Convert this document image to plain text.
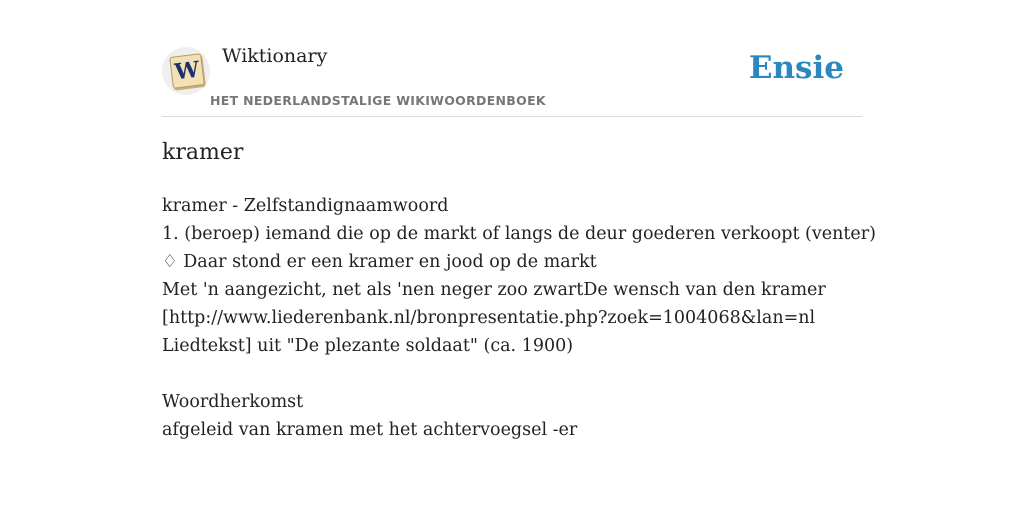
W
Wiktionary
HET NEDERLANDSTALIGE WIKIWOORDENBOEK
Ensie
kramer
kramer - Zelfstandignaamwoord
1. (beroep) iemand die op de markt of langs de deur goederen verkoopt (venter)
♢ Daar stond er een kramer en jood op de markt
Met 'n aangezicht, net als 'nen neger zoo zwartDe wensch van den kramer
[http://www.liederenbank.nl/bronpresentatie.php?zoek=1004068&lan=nl
Liedtekst] uit "De plezante soldaat" (ca. 1900)
Woordherkomst
afgeleid van kramen met het achtervoegsel -er
